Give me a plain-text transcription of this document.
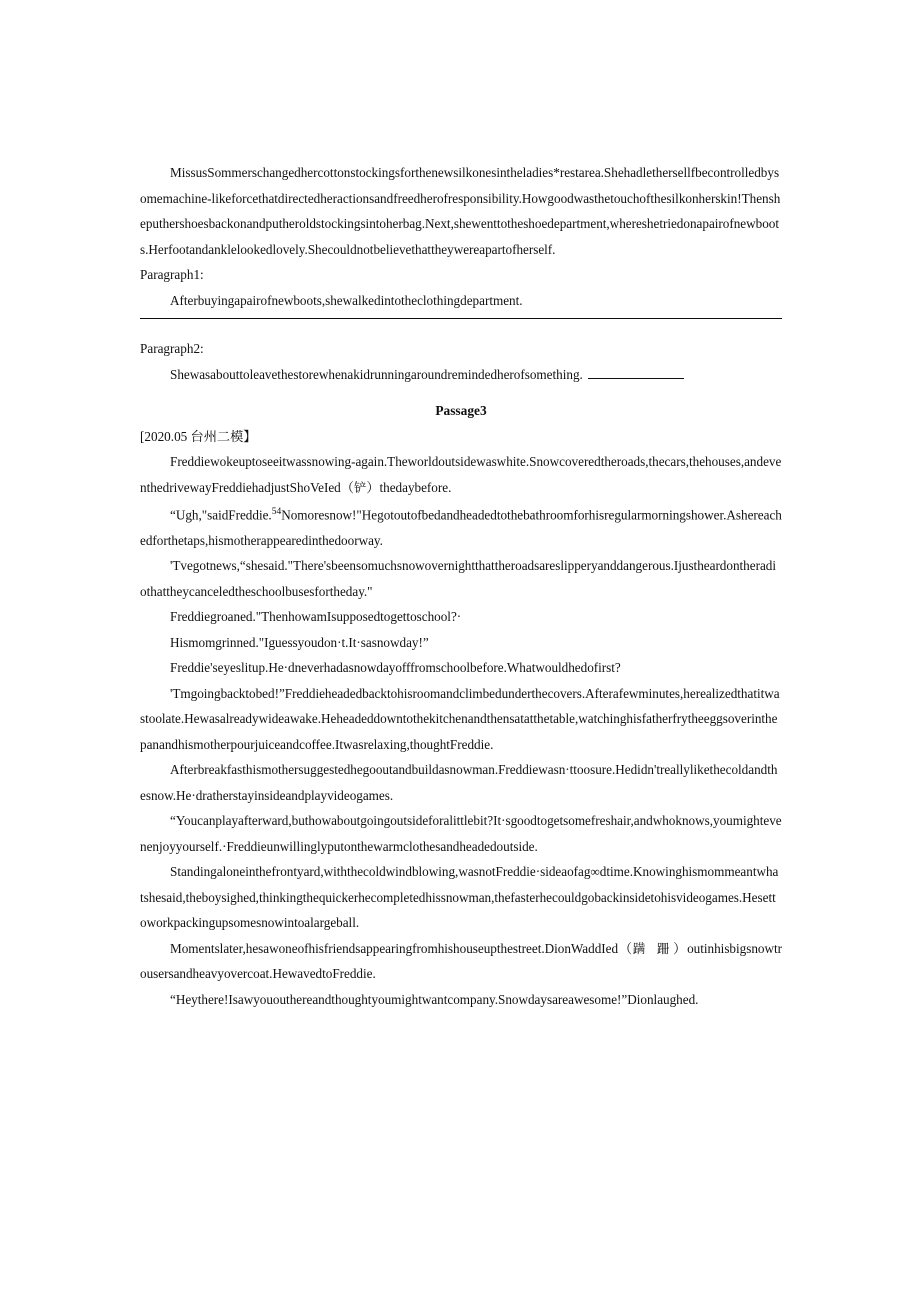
MissusSommerschangedhercottonstockingsforthenewsilkonesintheladies*restarea.Shehadlethersellfbecontrolledbysomemachine-likeforcethatdirectedheractionsandfreedherofresponsibility.Howgoodwasthetouchofthesilkonherskin!Thensheputhershoesbackonandputheroldstockingsintoherbag.Next,shewenttotheshoedepartment,whereshetriedonapairofnewboots.Herfootandanklelookedlovely.Shecouldnotbelievethattheywereapartofherself.

Paragraph1:

Afterbuyingapairofnewboots,shewalkedintotheclothingdepartment.

Paragraph2:

Shewasabouttoleavethestorewhenakidrunningaroundremindedherofsomething.

Passage3

[2020.05 台州二模】

Freddiewokeuptoseeitwassnowing-again.Theworldoutsidewaswhite.Snowcoveredtheroads,thecars,thehouses,andeventhedrivewayFreddiehadjustShoVeIed（铲）thedaybefore.

“Ugh,"saidFreddie.$^{54}$Nomoresnow!"Hegotoutofbedandheadedtothebathroomforhisregularmorningshower.Ashereachedforthetaps,hismotherappearedinthedoorway.

'Tvegotnews,“shesaid."There'sbeensomuchsnowovernightthattheroadsareslipperyanddangerous.Ijustheardontheradiothattheycanceledtheschoolbusesfortheday."

Freddiegroaned."ThenhowamIsupposedtogettoschool?·

Hismomgrinned."Iguessyoudon·t.It·sasnowday!”

Freddie'seyeslitup.He·dneverhadasnowdayofffromschoolbefore.Whatwouldhedofirst?

'Tmgoingbacktobed!”Freddieheadedbacktohisroomandclimbedunderthecovers.Afterafewminutes,herealizedthatitwastoolate.Hewasalreadywideawake.Heheadeddowntothekitchenandthensatatthetable,watchinghisfatherfrytheeggsoverinthepanandhismotherpourjuiceandcoffee.Itwasrelaxing,thoughtFreddie.

Afterbreakfasthismothersuggestedhegooutandbuildasnowman.Freddiewasn·ttoosure.Hedidn'treallylikethecoldandthesnow.He·dratherstayinsideandplayvideogames.

“Youcanplayafterward,buthowaboutgoingoutsideforalittlebit?It·sgoodtogetsomefreshair,andwhoknows,youmightevenenjoyyourself.·Freddieunwillinglyputonthewarmclothesandheadedoutside.

Standingaloneinthefrontyard,withthecoldwindblowing,wasnotFreddie·sideaofag∞dtime.Knowinghismommeantwhatshesaid,theboysighed,thinkingthequickerhecompletedhissnowman,thefasterhecouldgobackinsidetohisvideogames.Hesettoworkpackingupsomesnowintoalargeball.

Momentslater,hesawoneofhisfriendsappearingfromhishouseupthestreet.DionWaddIed（蹒 跚）outinhisbigsnowtrousersandheavyovercoat.HewavedtoFreddie.

“Heythere!Isawyououthereandthoughtyoumightwantcompany.Snowdaysareawesome!”Dionlaughed.
